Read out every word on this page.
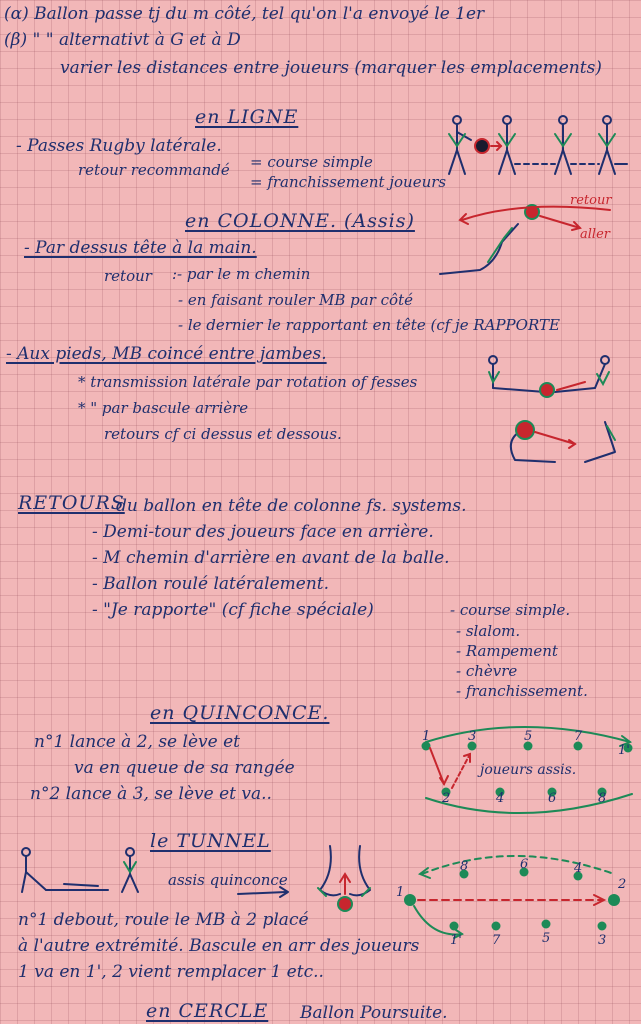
(α) Ballon passe tj du m côté, tel qu'on l'a envoyé le 1er
(β) " " alternativt à G et à D
varier les distances entre joueurs (marquer les emplacements)
en LIGNE
- Passes Rugby latérale.
retour recommandé = course simple
= franchissement joueurs
en COLONNE. (Assis)
- Par dessus tête à la main.
retour :- par le m chemin
- en faisant rouler MB par côté
- le dernier le rapportant en tête (cf je RAPPORTE
- Aux pieds, MB coincé entre jambes.
* transmission latérale par rotation of fesses
* " par bascule arrière
retours cf ci dessus et dessous.
retour
aller
RETOURS
du ballon en tête de colonne fs. systems.
- Demi-tour des joueurs face en arrière.
- M chemin d'arrière en avant de la balle.
- Ballon roulé latéralement.
- "Je rapporte" (cf fiche spéciale)	- course simple.
- slalom.
- Rampement
- chèvre
- franchissement.
en QUINCONCE.
n°1 lance à 2, se lève et
va en queue de sa rangée
n°2 lance à 3, se lève et va..
joueurs assis.
1	3	5	7
1'
2	4	6	8
le TUNNEL
assis quinconce
n°1 debout, roule le MB à 2 placé
à l'autre extrémité. Bascule en arr des joueurs
1 va en 1', 2 vient remplacer 1 etc..
1
2
8	6	4
1' 7	5	3
en CERCLE Ballon Poursuite.
